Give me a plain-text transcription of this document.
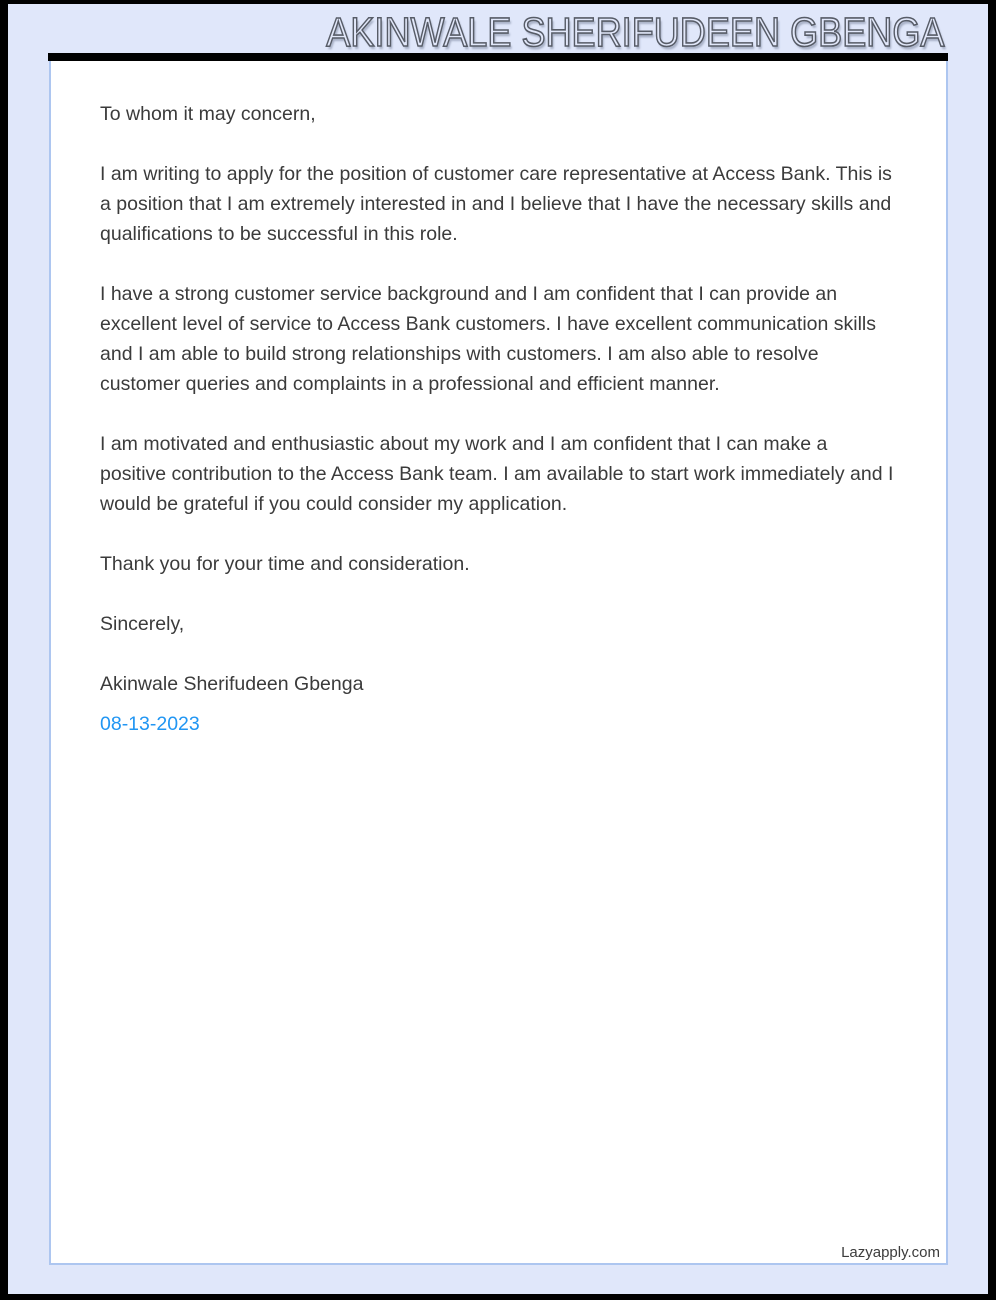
AKINWALE SHERIFUDEEN GBENGA

To whom it may concern,

I am writing to apply for the position of customer care representative at Access Bank. This is a position that I am extremely interested in and I believe that I have the necessary skills and qualifications to be successful in this role.

I have a strong customer service background and I am confident that I can provide an excellent level of service to Access Bank customers. I have excellent communication skills and I am able to build strong relationships with customers. I am also able to resolve customer queries and complaints in a professional and efficient manner.

I am motivated and enthusiastic about my work and I am confident that I can make a positive contribution to the Access Bank team. I am available to start work immediately and I would be grateful if you could consider my application.

Thank you for your time and consideration.

Sincerely,

Akinwale Sherifudeen Gbenga

08-13-2023

Lazyapply.com
